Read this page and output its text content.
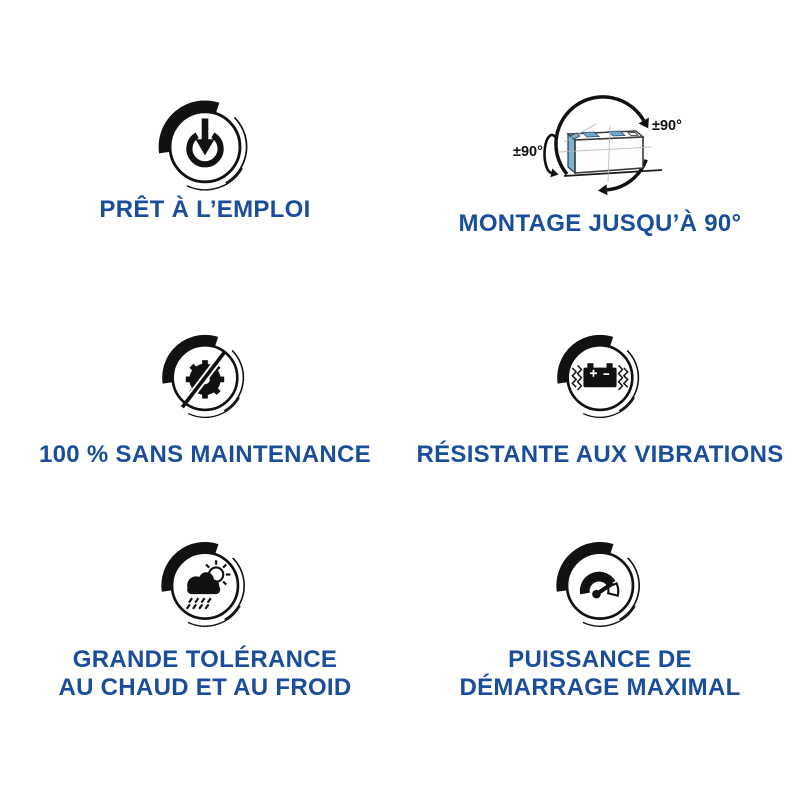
PRÊT À L’EMPLOI
±90°
±90°
MONTAGE JUSQU’À 90°
100 % SANS MAINTENANCE RÉSISTANTE AUX VIBRATIONS
GRANDE TOLÉRANCE
AU CHAUD ET AU FROID
PUISSANCE DE
DÉMARRAGE MAXIMAL
